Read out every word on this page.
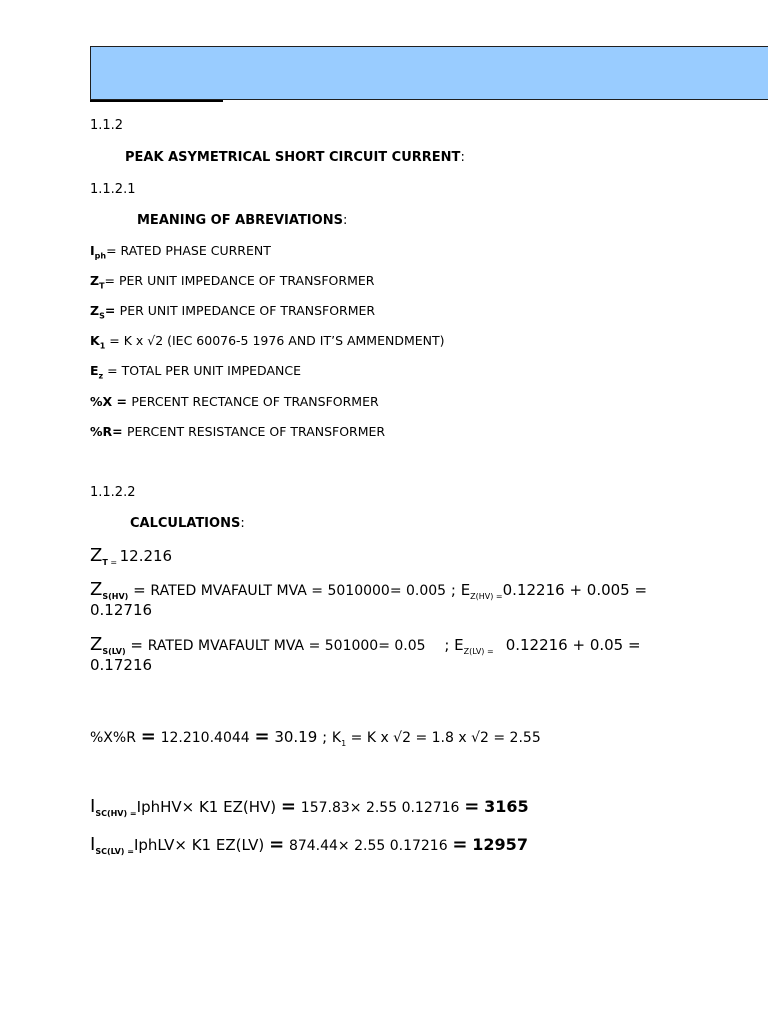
1.1.2
PEAK ASYMETRICAL SHORT CIRCUIT CURRENT:
1.1.2.1
MEANING OF ABREVIATIONS:
$I_{ph}=$ RATED PHASE CURRENT
$Z_T=$ PER UNIT IMPEDANCE OF TRANSFORMER
$Z_S=$ PER UNIT IMPEDANCE OF TRANSFORMER
$K_1 = K$ x √2 (IEC 60076-5 1976 AND IT’S AMMENDMENT)
$E_z$ = TOTAL PER UNIT IMPEDANCE
%X = PERCENT RECTANCE OF TRANSFORMER
%R= PERCENT RESISTANCE OF TRANSFORMER
1.1.2.2
CALCULATIONS:
$Z_T$ $_=$ 12.216
$Z_{S(HV)}$ = RATED MVAFAULT MVA = 5010000= 0.005 ; $E_{Z(HV) =}0.12216 + 0.005$ =
0.12716
$Z_{S(LV)}$ = RATED MVAFAULT MVA = 501000= 0.05 ; $E_{Z(LV) =}$ 0.12216 + 0.05 =
0.17216
%X%R = 12.210.4044 = 30.19 ; $K_1 = K$ x √2 = 1.8 x √2 = 2.55
$I_{SC(HV) =}IphHV\times K1$ EZ(HV) = 157.83× 2.55 0.12716 = 3165
$I_{SC(LV) =}IphLV\times K1$ EZ(LV) = 874.44× 2.55 0.17216 = 12957
